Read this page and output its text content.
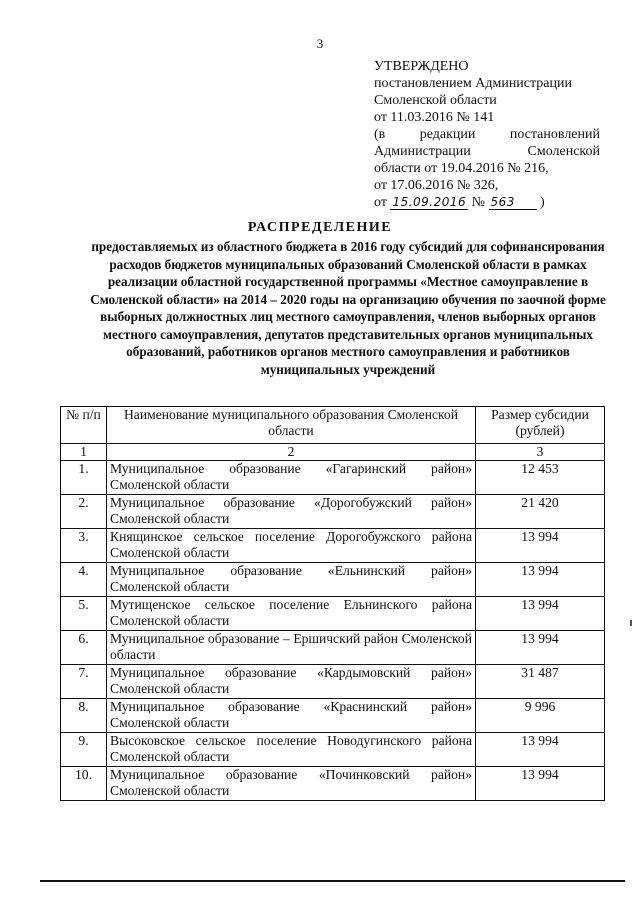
3
УТВЕРЖДЕНО
постановлением Администрации
Смоленской области
от 11.03.2016 № 141
(в редакции постановлений
Администрации Смоленской
области от 19.04.2016 № 216,
от 17.06.2016 № 326,
от 15.09.2016 № 563 )
РАСПРЕДЕЛЕНИЕ
предоставляемых из областного бюджета в 2016 году субсидий для софинансирования расходов бюджетов муниципальных образований Смоленской области в рамках реализации областной государственной программы «Местное самоуправление в Смоленской области» на 2014 – 2020 годы на организацию обучения по заочной форме выборных должностных лиц местного самоуправления, членов выборных органов местного самоуправления, депутатов представительных органов муниципальных образований, работников органов местного самоуправления и работников муниципальных учреждений
№ п/п	Наименование муниципального образования Смоленской области	Размер субсидии (рублей)
1	2	3
1.	Муниципальное образование «Гагаринский район» Смоленской области	12 453
2.	Муниципальное образование «Дорогобужский район» Смоленской области	21 420
3.	Княщинское сельское поселение Дорогобужского района Смоленской области	13 994
4.	Муниципальное образование «Ельнинский район» Смоленской области	13 994
5.	Мутищенское сельское поселение Ельнинского района Смоленской области	13 994
6.	Муниципальное образование – Ершичский район Смоленской области	13 994
7.	Муниципальное образование «Кардымовский район» Смоленской области	31 487
8.	Муниципальное образование «Краснинский район» Смоленской области	9 996
9.	Высоковское сельское поселение Новодугинского района Смоленской области	13 994
10.	Муниципальное образование «Починковский район» Смоленской области	13 994
